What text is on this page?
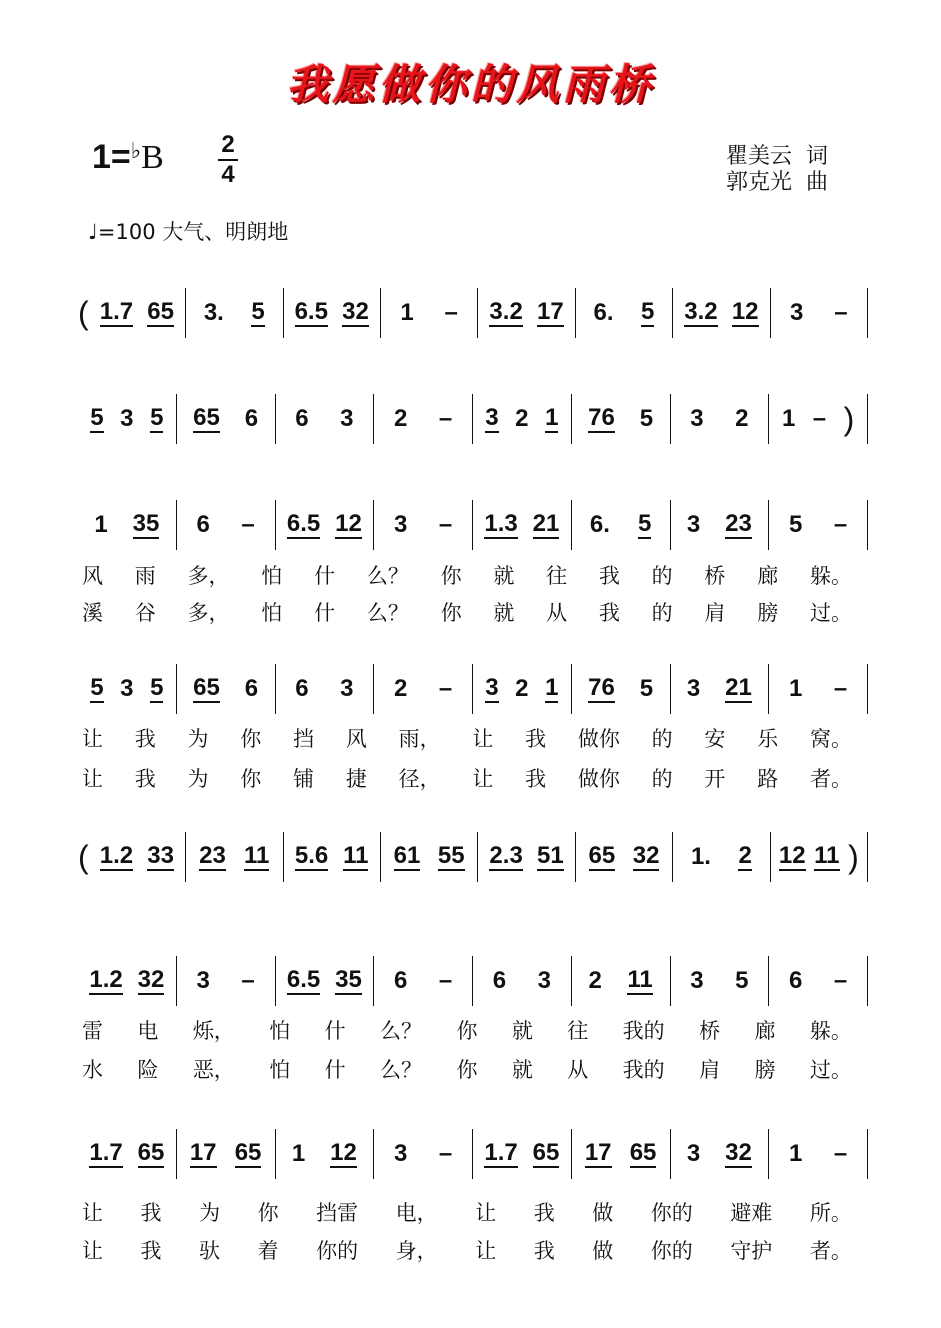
我愿做你的风雨桥
1=♭B 2
4
瞿美云  词
郭克光  曲
♩=100 大气、明朗地
( 1.7 65 3. 5 6.5 32 1 – 3.2 17 6. 5 3.2 12 3 –
5 3 5 65 6 6 3 2 – 3 2 1 76 5 3 2 1 – )
1 35 6 – 6.5 12 3 – 1.3 21 6. 5 3 23 5 –
5 3 5 65 6 6 3 2 – 3 2 1 76 5 3 21 1 –
( 1.2 33 23 11 5.6 11 61 55 2.3 51 65 32 1. 2 12 11 )
1.2 32 3 – 6.5 35 6 – 6 3 2 11 3 5 6 –
1.7 65 17 65 1 12 3 – 1.7 65 17 65 3 32 1 –
风 雨 多， 怕 什 么？ 你 就 往 我 的 桥 廊 躲。
溪 谷 多， 怕 什 么？ 你 就 从 我 的 肩 膀 过。
让 我 为 你 挡 风 雨， 让 我 做你 的 安 乐 窝。
让 我 为 你 铺 捷 径， 让 我 做你 的 开 路 者。
雷 电 烁， 怕 什 么？ 你 就 往 我的 桥 廊 躲。
水 险 恶， 怕 什 么？ 你 就 从 我的 肩 膀 过。
让 我 为 你 挡雷 电， 让 我 做 你的 避难 所。
让 我 驮 着 你的 身， 让 我 做 你的 守护 者。
